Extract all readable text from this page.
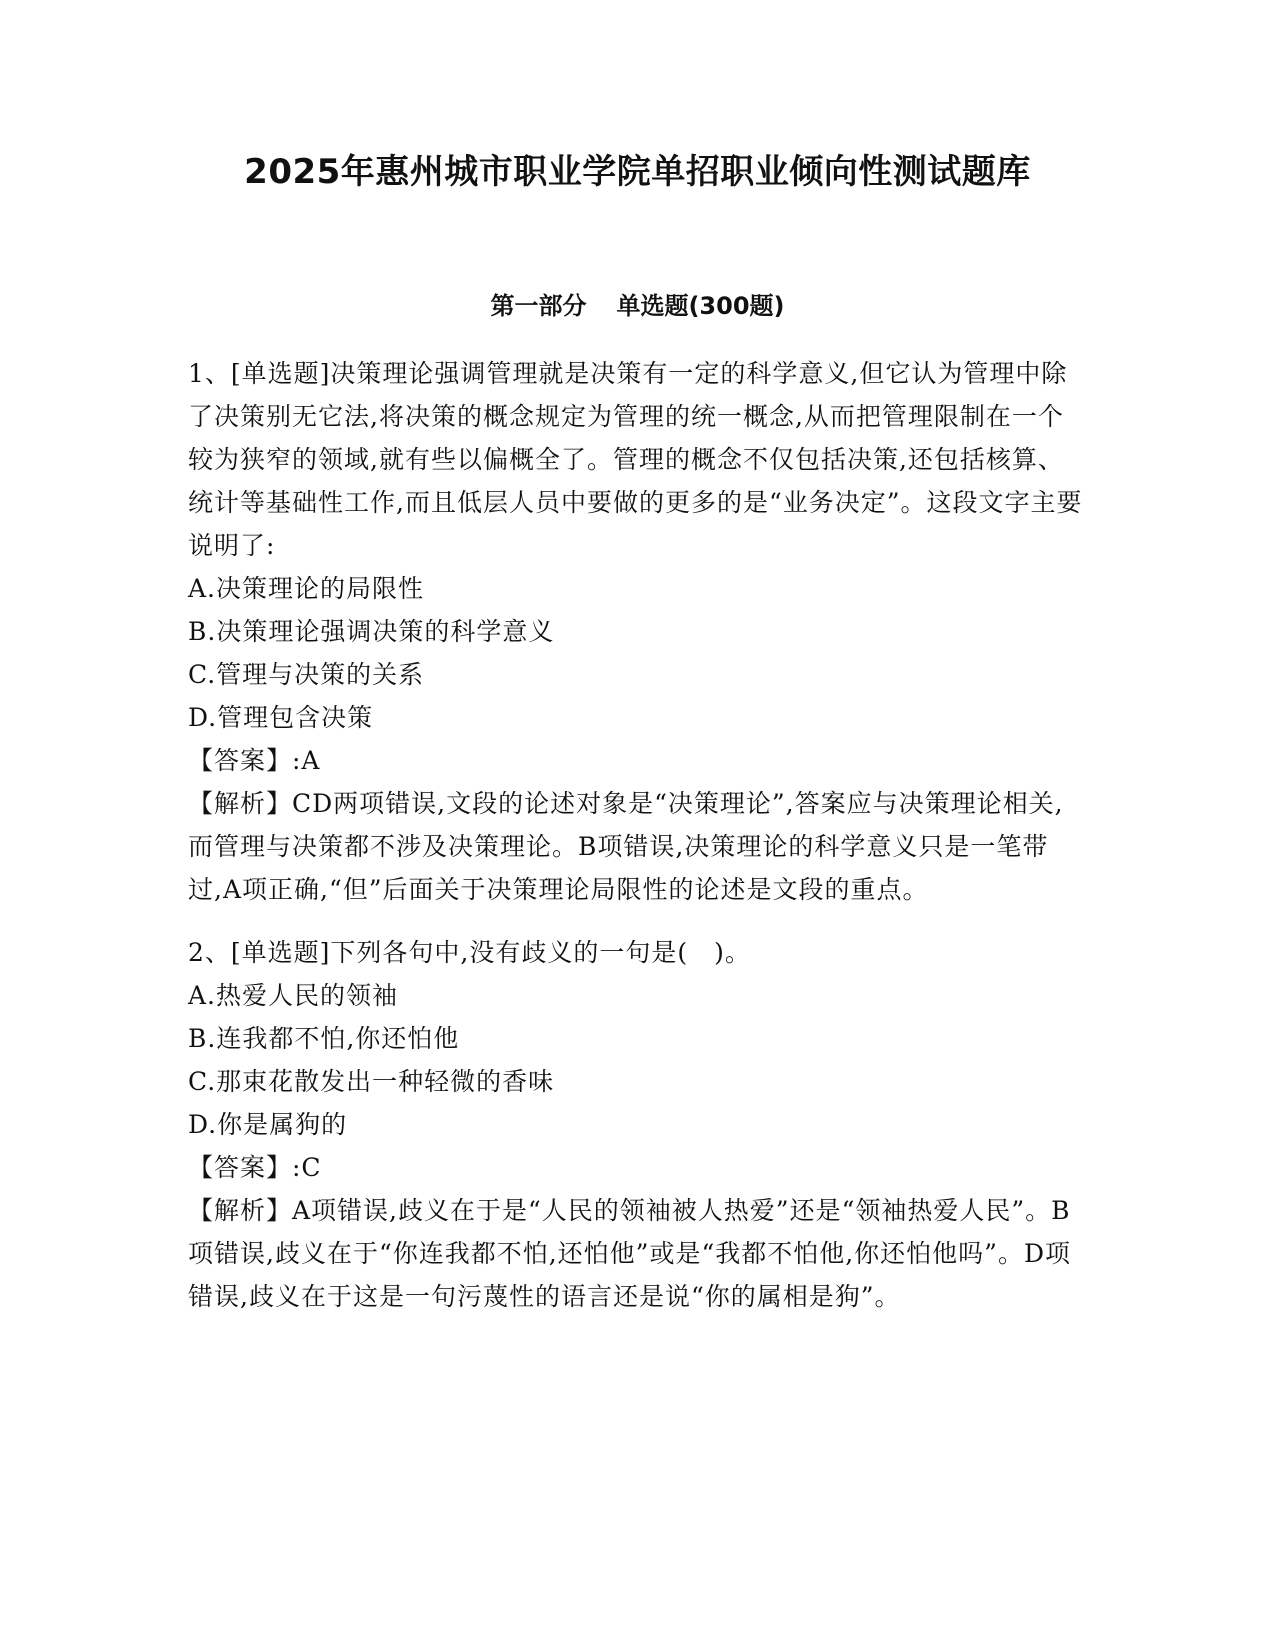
2025年惠州城市职业学院单招职业倾向性测试题库
第一部分 单选题(300题)
1、[单选题]决策理论强调管理就是决策有一定的科学意义,但它认为管理中除了决策别无它法,将决策的概念规定为管理的统一概念,从而把管理限制在一个较为狭窄的领域,就有些以偏概全了。管理的概念不仅包括决策,还包括核算、统计等基础性工作,而且低层人员中要做的更多的是“业务决定”。这段文字主要说明了:
A.决策理论的局限性
B.决策理论强调决策的科学意义
C.管理与决策的关系
D.管理包含决策
【答案】:A
【解析】CD两项错误,文段的论述对象是“决策理论”,答案应与决策理论相关,而管理与决策都不涉及决策理论。B项错误,决策理论的科学意义只是一笔带过,A项正确,“但”后面关于决策理论局限性的论述是文段的重点。
2、[单选题]下列各句中,没有歧义的一句是(　)。
A.热爱人民的领袖
B.连我都不怕,你还怕他
C.那束花散发出一种轻微的香味
D.你是属狗的
【答案】:C
【解析】A项错误,歧义在于是“人民的领袖被人热爱”还是“领袖热爱人民”。B项错误,歧义在于“你连我都不怕,还怕他”或是“我都不怕他,你还怕他吗”。D项错误,歧义在于这是一句污蔑性的语言还是说“你的属相是狗”。
